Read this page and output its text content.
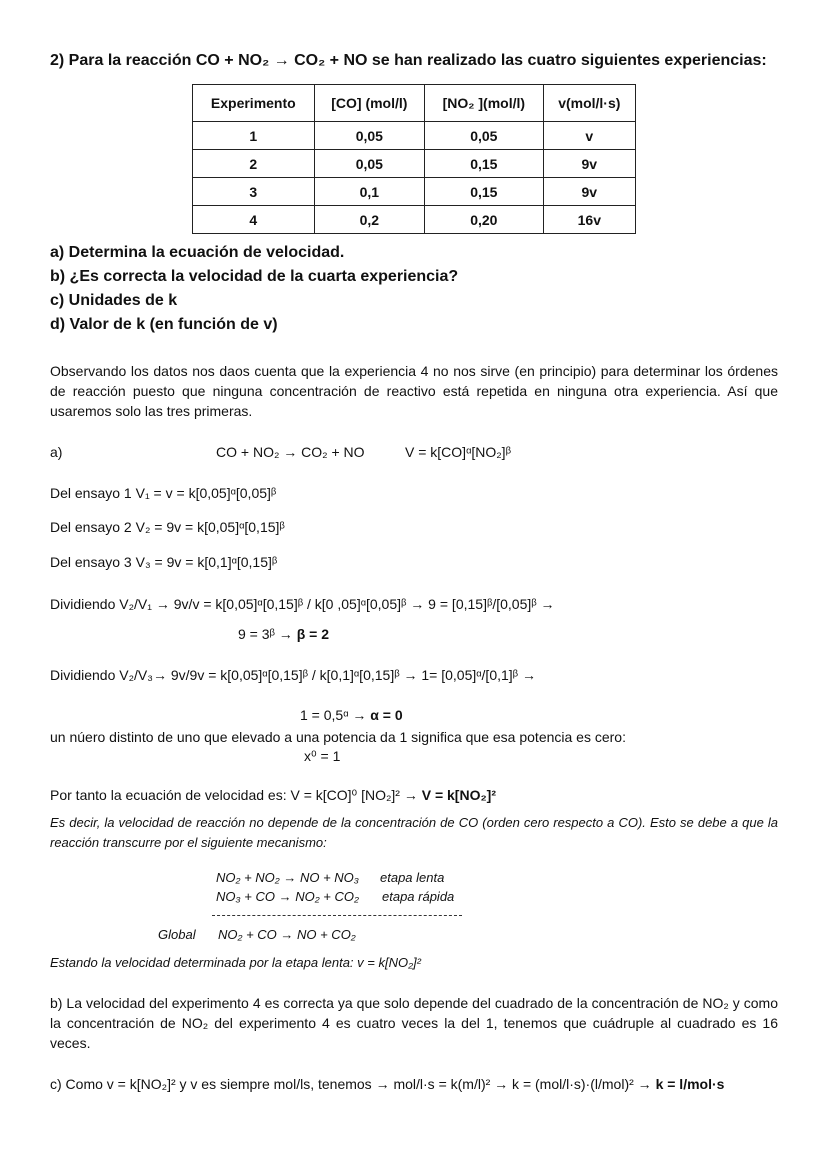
2) Para la reacción CO + NO₂ → CO₂ + NO se han realizado las cuatro siguientes experiencias:
Experimento	[CO] (mol/l)	[NO₂ ](mol/l)	v(mol/l·s)
1	0,05	0,05	v
2	0,05	0,15	9v
3	0,1	0,15	9v
4	0,2	0,20	16v
a) Determina la ecuación de velocidad.
b) ¿Es correcta la velocidad de la cuarta experiencia?
c) Unidades de k
d) Valor de k (en función de v)
Observando los datos nos daos cuenta que la experiencia 4 no nos sirve (en principio) para determinar los órdenes de reacción puesto que ninguna concentración de reactivo está repetida en ninguna otra experiencia. Así que usaremos solo las tres primeras.
a)	CO + NO₂ → CO₂ + NO	V = k[CO]ᵅ[NO₂]ᵝ
Del ensayo 1 V₁ = v = k[0,05]ᵅ[0,05]ᵝ
Del ensayo 2 V₂ = 9v = k[0,05]ᵅ[0,15]ᵝ
Del ensayo 3 V₃ = 9v = k[0,1]ᵅ[0,15]ᵝ
Dividiendo V₂/V₁ → 9v/v = k[0,05]ᵅ[0,15]ᵝ / k[0 ,05]ᵅ[0,05]ᵝ → 9 = [0,15]ᵝ/[0,05]ᵝ →
9 = 3ᵝ → β = 2
Dividiendo V₂/V₃→ 9v/9v = k[0,05]ᵅ[0,15]ᵝ / k[0,1]ᵅ[0,15]ᵝ → 1= [0,05]ᵅ/[0,1]ᵝ →
1 = 0,5ᵅ → α = 0
un núero distinto de uno que elevado a una potencia da 1 significa que esa potencia es cero:
x⁰ = 1
Por tanto la ecuación de velocidad es: V = k[CO]⁰ [NO₂]² → V = k[NO₂]²
Es decir, la velocidad de reacción no depende de la concentración de CO (orden cero respecto a CO). Esto se debe a que la reacción transcurre por el siguiente mecanismo:
NO₂ + NO₂ → NO + NO₃ etapa lenta
NO₃ + CO → NO₂ + CO₂ etapa rápida
Global NO₂ + CO → NO + CO₂
Estando la velocidad determinada por la etapa lenta: v = k[NO₂]²
b) La velocidad del experimento 4 es correcta ya que solo depende del cuadrado de la concentración de NO₂ y como la concentración de NO₂ del experimento 4 es cuatro veces la del 1, tenemos que cuádruple al cuadrado es 16 veces.
c) Como v = k[NO₂]² y v es siempre mol/ls, tenemos → mol/l·s = k(m/l)² → k = (mol/l·s)·(l/mol)² → k = l/mol·s
